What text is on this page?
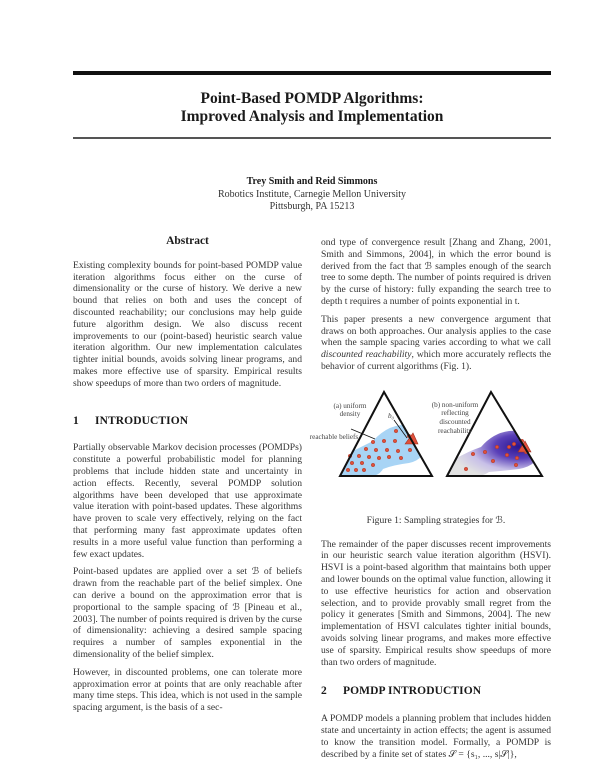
Point-Based POMDP Algorithms:
Improved Analysis and Implementation
Trey Smith and Reid Simmons
Robotics Institute, Carnegie Mellon University
Pittsburgh, PA 15213
Abstract

Existing complexity bounds for point-based POMDP value iteration algorithms focus either on the curse of dimensionality or the curse of history. We derive a new bound that relies on both and uses the concept of discounted reachability; our conclusions may help guide future algorithm design. We also discuss recent improvements to our (point-based) heuristic search value iteration algorithm. Our new implementation calculates tighter initial bounds, avoids solving linear programs, and makes more effective use of sparsity. Empirical results show speedups of more than two orders of magnitude.

1 INTRODUCTION

Partially observable Markov decision processes (POMDPs) constitute a powerful probabilistic model for planning problems that include hidden state and uncertainty in action effects. Recently, several POMDP solution algorithms have been developed that use approximate value iteration with point-based updates. These algorithms have proven to scale very effectively, relying on the fact that performing many fast approximate updates often results in a more useful value function than performing a few exact updates.

Point-based updates are applied over a set ℬ of beliefs drawn from the reachable part of the belief simplex. One can derive a bound on the approximation error that is proportional to the sample spacing of ℬ [Pineau et al., 2003]. The number of points required is driven by the curse of dimensionality: achieving a desired sample spacing requires a number of samples exponential in the dimensionality of the belief simplex.

However, in discounted problems, one can tolerate more approximation error at points that are only reachable after many time steps. This idea, which is not used in the sample spacing argument, is the basis of a sec-

ond type of convergence result [Zhang and Zhang, 2001, Smith and Simmons, 2004], in which the error bound is derived from the fact that ℬ samples enough of the search tree to some depth. The number of points required is driven by the curse of history: fully expanding the search tree to depth t requires a number of points exponential in t.

This paper presents a new convergence argument that draws on both approaches. Our analysis applies to the case when the sample spacing varies according to what we call discounted reachability, which more accurately reflects the behavior of current algorithms (Fig. 1).

(a) uniform density
reachable beliefs
b₀
(b) non-uniform reflecting discounted reachability
Figure 1: Sampling strategies for ℬ.

The remainder of the paper discusses recent improvements in our heuristic search value iteration algorithm (HSVI). HSVI is a point-based algorithm that maintains both upper and lower bounds on the optimal value function, allowing it to use effective heuristics for action and observation selection, and to provide provably small regret from the policy it generates [Smith and Simmons, 2004]. The new implementation of HSVI calculates tighter initial bounds, avoids solving linear programs, and makes more effective use of sparsity. Empirical results show speedups of more than two orders of magnitude.

2 POMDP INTRODUCTION

A POMDP models a planning problem that includes hidden state and uncertainty in action effects; the agent is assumed to know the transition model. Formally, a POMDP is described by a finite set of states 𝒮 = {s₁, ..., s|𝒮|},
